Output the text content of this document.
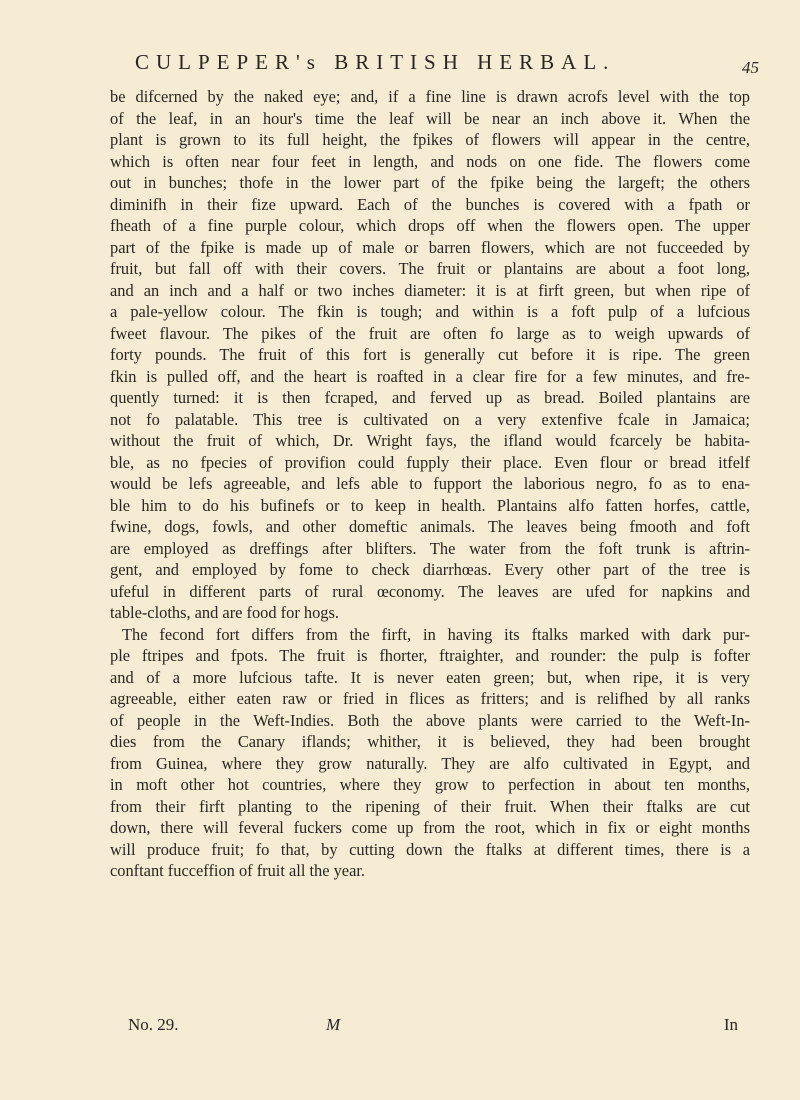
CULPEPER's BRITISH HERBAL.	45
be difcerned by the naked eye; and, if a fine line is drawn acrofs level with the top
of the leaf, in an hour's time the leaf will be near an inch above it. When the
plant is grown to its full height, the fpikes of flowers will appear in the centre,
which is often near four feet in length, and nods on one fide. The flowers come
out in bunches; thofe in the lower part of the fpike being the largeft; the others
diminifh in their fize upward. Each of the bunches is covered with a fpath or
fheath of a fine purple colour, which drops off when the flowers open. The upper
part of the fpike is made up of male or barren flowers, which are not fucceeded by
fruit, but fall off with their covers. The fruit or plantains are about a foot long,
and an inch and a half or two inches diameter: it is at firft green, but when ripe of
a pale-yellow colour. The fkin is tough; and within is a foft pulp of a lufcious
fweet flavour. The pikes of the fruit are often fo large as to weigh upwards of
forty pounds. The fruit of this fort is generally cut before it is ripe. The green
fkin is pulled off, and the heart is roafted in a clear fire for a few minutes, and fre-
quently turned: it is then fcraped, and ferved up as bread. Boiled plantains are
not fo palatable. This tree is cultivated on a very extenfive fcale in Jamaica;
without the fruit of which, Dr. Wright fays, the ifland would fcarcely be habita-
ble, as no fpecies of provifion could fupply their place. Even flour or bread itfelf
would be lefs agreeable, and lefs able to fupport the laborious negro, fo as to ena-
ble him to do his bufinefs or to keep in health. Plantains alfo fatten horfes, cattle,
fwine, dogs, fowls, and other domeftic animals. The leaves being fmooth and foft
are employed as dreffings after blifters. The water from the foft trunk is aftrin-
gent, and employed by fome to check diarrhœas. Every other part of the tree is
ufeful in different parts of rural œconomy. The leaves are ufed for napkins and
table-cloths, and are food for hogs.
The fecond fort differs from the firft, in having its ftalks marked with dark pur-
ple ftripes and fpots. The fruit is fhorter, ftraighter, and rounder: the pulp is fofter
and of a more lufcious tafte. It is never eaten green; but, when ripe, it is very
agreeable, either eaten raw or fried in flices as fritters; and is relifhed by all ranks
of people in the Weft-Indies. Both the above plants were carried to the Weft-In-
dies from the Canary iflands; whither, it is believed, they had been brought
from Guinea, where they grow naturally. They are alfo cultivated in Egypt, and
in moft other hot countries, where they grow to perfection in about ten months,
from their firft planting to the ripening of their fruit. When their ftalks are cut
down, there will feveral fuckers come up from the root, which in fix or eight months
will produce fruit; fo that, by cutting down the ftalks at different times, there is a
conftant fucceffion of fruit all the year.
No. 29.	M	In
